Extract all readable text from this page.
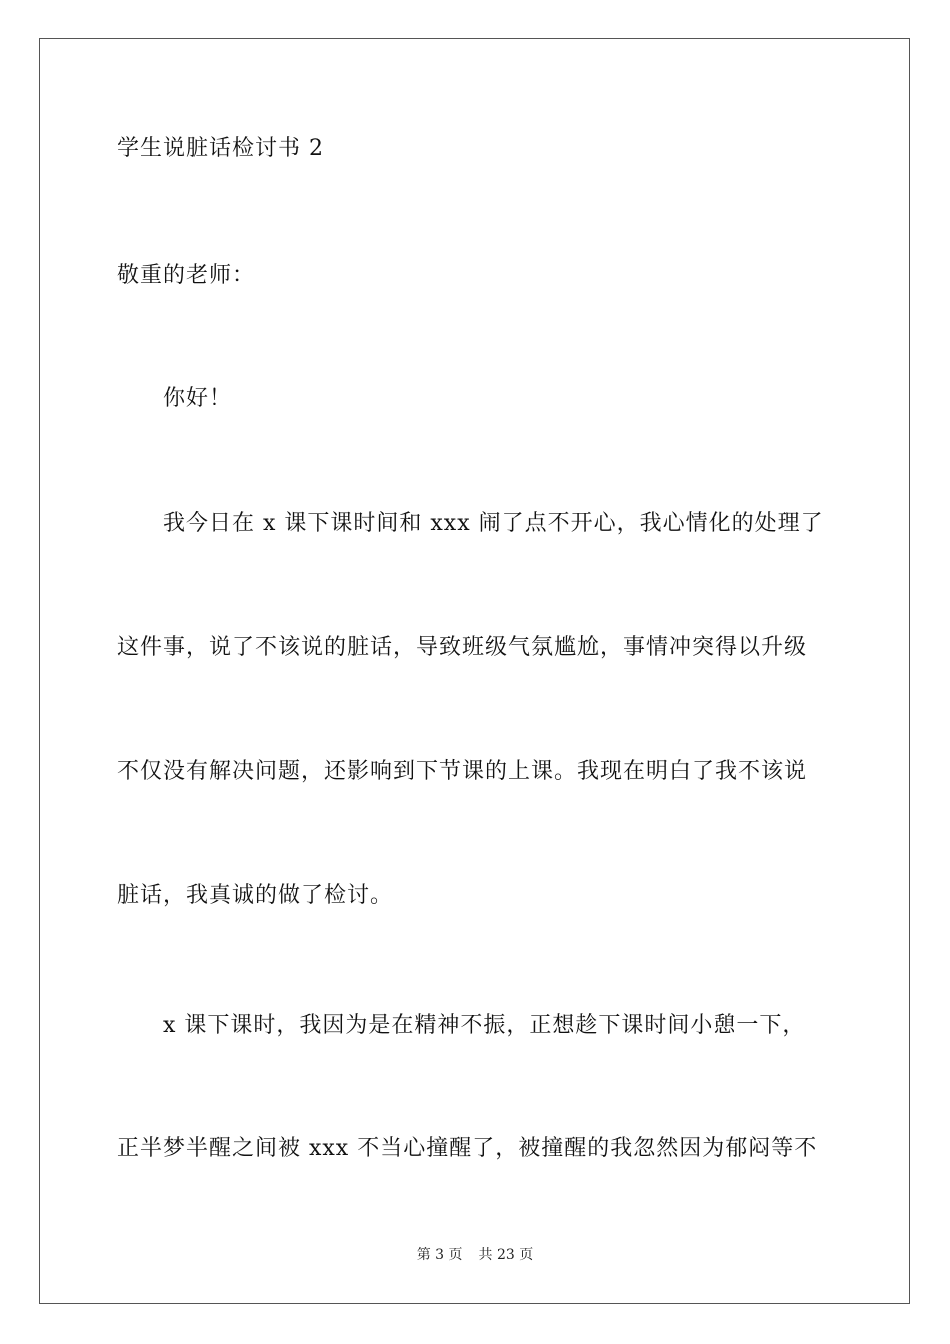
学生说脏话检讨书 2
敬重的老师：
你好！
我今日在 x 课下课时间和 xxx 闹了点不开心，我心情化的处理了
这件事，说了不该说的脏话，导致班级气氛尴尬，事情冲突得以升级
不仅没有解决问题，还影响到下节课的上课。我现在明白了我不该说
脏话，我真诚的做了检讨。
x 课下课时，我因为是在精神不振，正想趁下课时间小憩一下，
正半梦半醒之间被 xxx 不当心撞醒了，被撞醒的我忽然因为郁闷等不
第 3 页 共 23 页
